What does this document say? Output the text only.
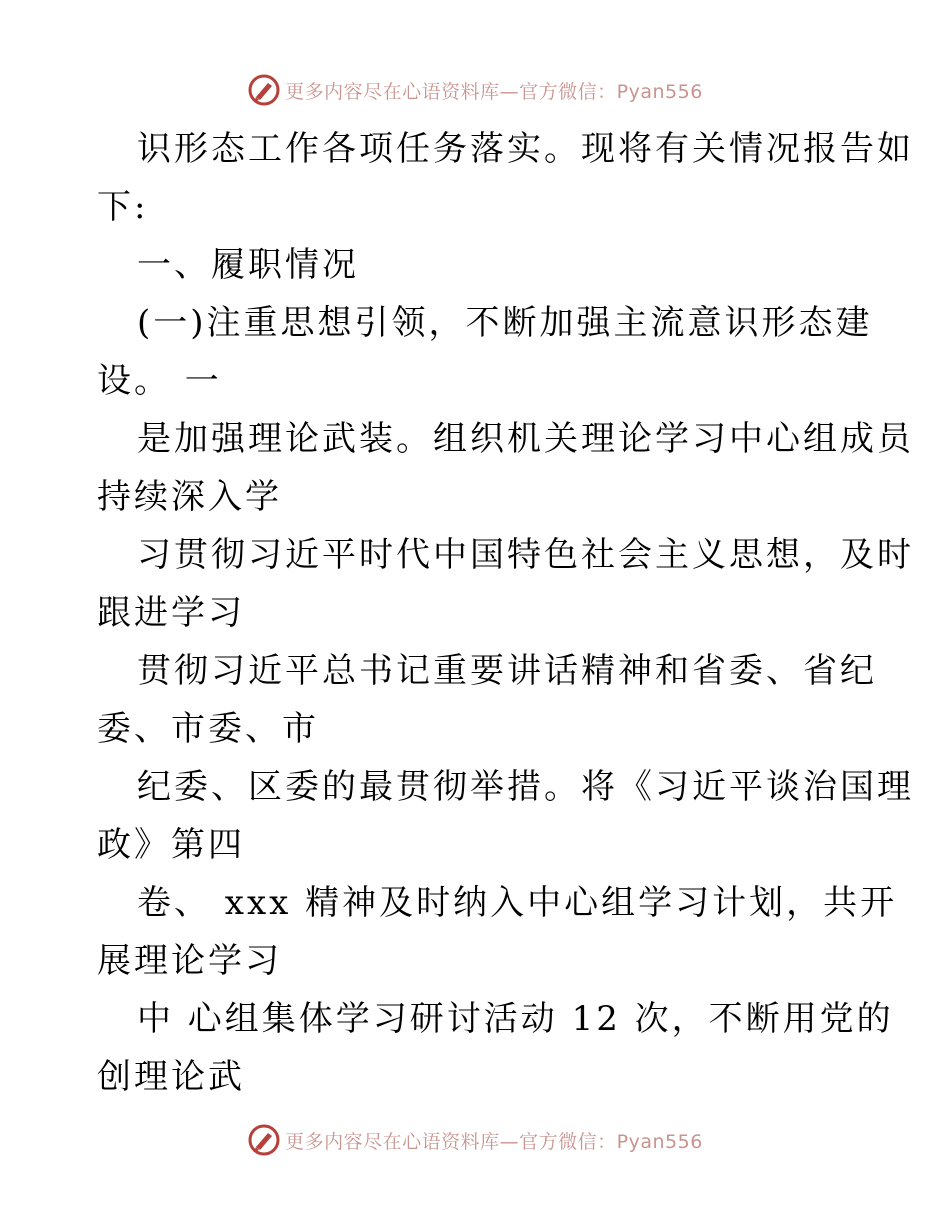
更多内容尽在心语资料库—官方微信：Pyan556
识形态工作各项任务落实。现将有关情况报告如
下:
一、履职情况
(一)注重思想引领，不断加强主流意识形态建
设。 一
是加强理论武装。组织机关理论学习中心组成员
持续深入学
习贯彻习近平时代中国特色社会主义思想，及时
跟进学习
贯彻习近平总书记重要讲话精神和省委、省纪
委、市委、市
纪委、区委的最贯彻举措。将《习近平谈治国理
政》第四
卷、 xxx 精神及时纳入中心组学习计划，共开
展理论学习
中 心组集体学习研讨活动 12 次，不断用党的
创理论武
更多内容尽在心语资料库—官方微信：Pyan556
